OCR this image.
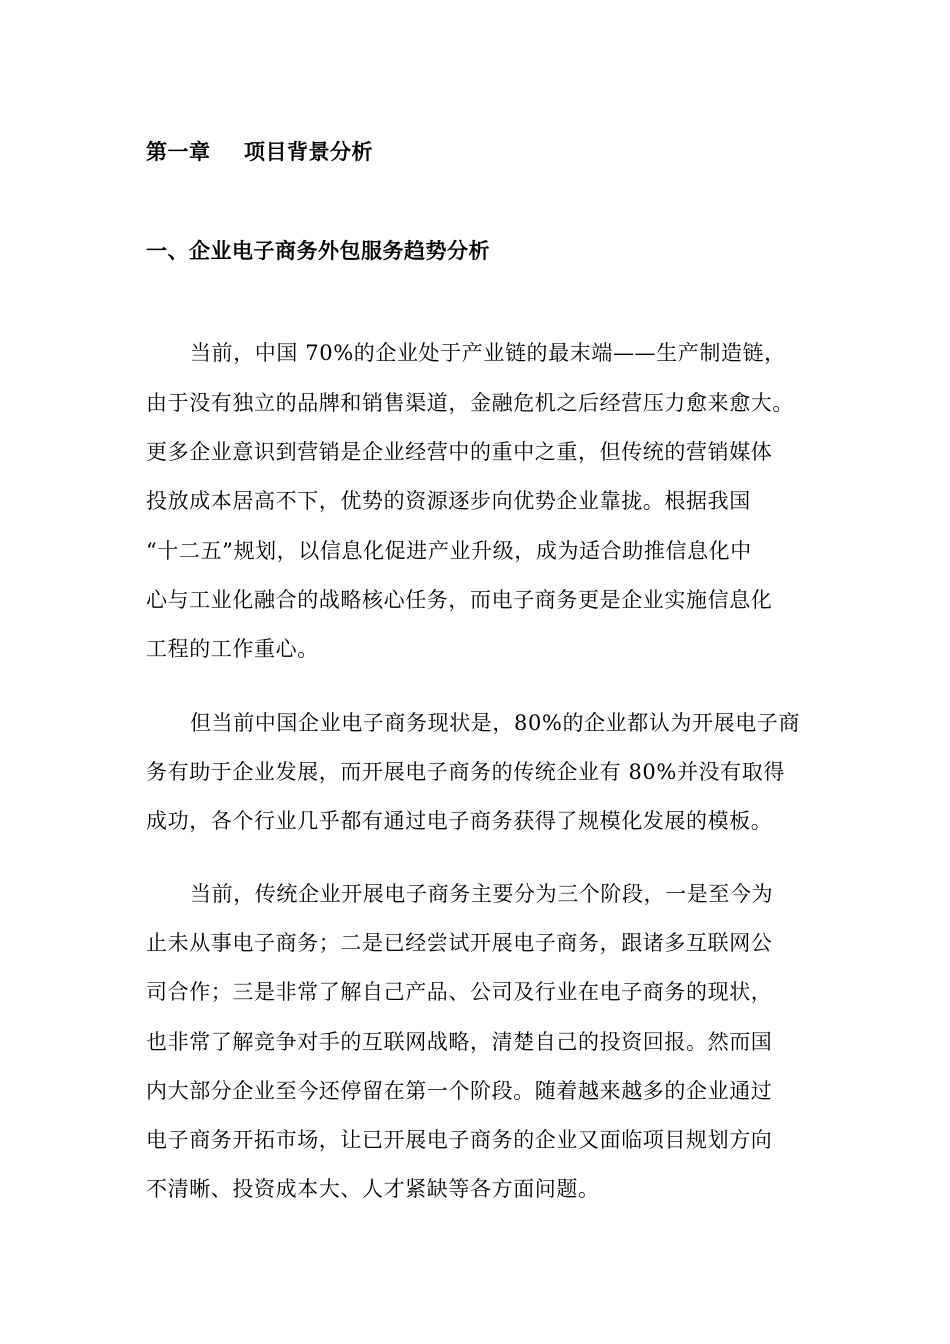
第一章 项目背景分析
一、企业电子商务外包服务趋势分析
当前，中国 70%的企业处于产业链的最末端——生产制造链，
由于没有独立的品牌和销售渠道，金融危机之后经营压力愈来愈大。
更多企业意识到营销是企业经营中的重中之重，但传统的营销媒体
投放成本居高不下，优势的资源逐步向优势企业靠拢。根据我国
“十二五”规划，以信息化促进产业升级，成为适合助推信息化中
心与工业化融合的战略核心任务，而电子商务更是企业实施信息化
工程的工作重心。
但当前中国企业电子商务现状是，80%的企业都认为开展电子商
务有助于企业发展，而开展电子商务的传统企业有 80%并没有取得
成功，各个行业几乎都有通过电子商务获得了规模化发展的模板。
当前，传统企业开展电子商务主要分为三个阶段，一是至今为
止未从事电子商务；二是已经尝试开展电子商务，跟诸多互联网公
司合作；三是非常了解自己产品、公司及行业在电子商务的现状，
也非常了解竞争对手的互联网战略，清楚自己的投资回报。然而国
内大部分企业至今还停留在第一个阶段。随着越来越多的企业通过
电子商务开拓市场，让已开展电子商务的企业又面临项目规划方向
不清晰、投资成本大、人才紧缺等各方面问题。
